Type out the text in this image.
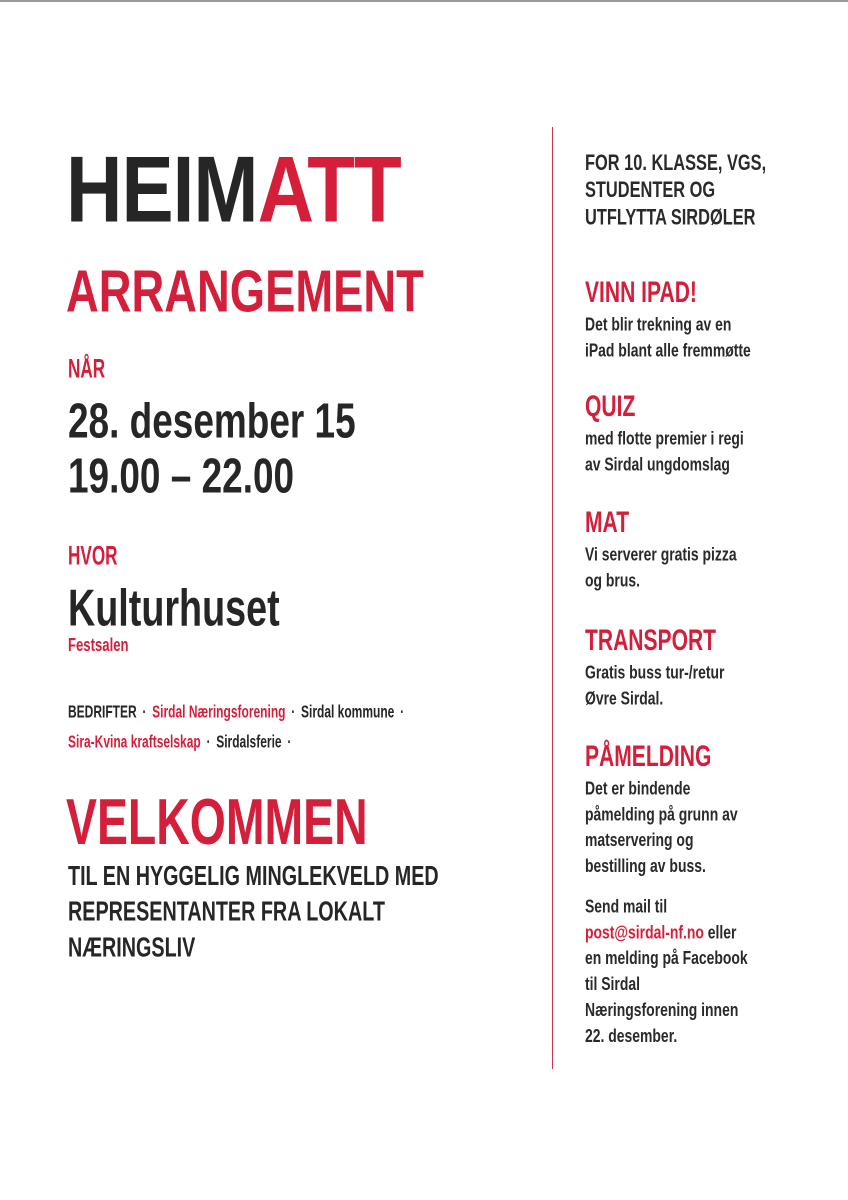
HEIMATT
ARRANGEMENT
NÅR
28. desember 15
19.00 – 22.00
HVOR
Kulturhuset
Festsalen
BEDRIFTER · Sirdal Næringsforening · Sirdal kommune ·
Sira-Kvina kraftselskap · Sirdalsferie ·
VELKOMMEN
TIL EN HYGGELIG MINGLEKVELD MED
REPRESENTANTER FRA LOKALT
NÆRINGSLIV
FOR 10. KLASSE, VGS,
STUDENTER OG
UTFLYTTA SIRDØLER
VINN IPAD!
Det blir trekning av en
iPad blant alle fremmøtte
QUIZ
med flotte premier i regi
av Sirdal ungdomslag
MAT
Vi serverer gratis pizza
og brus.
TRANSPORT
Gratis buss tur-/retur
Øvre Sirdal.
PÅMELDING
Det er bindende
påmelding på grunn av
matservering og
bestilling av buss.
Send mail til
post@sirdal-nf.no eller
en melding på Facebook
til Sirdal
Næringsforening innen
22. desember.
